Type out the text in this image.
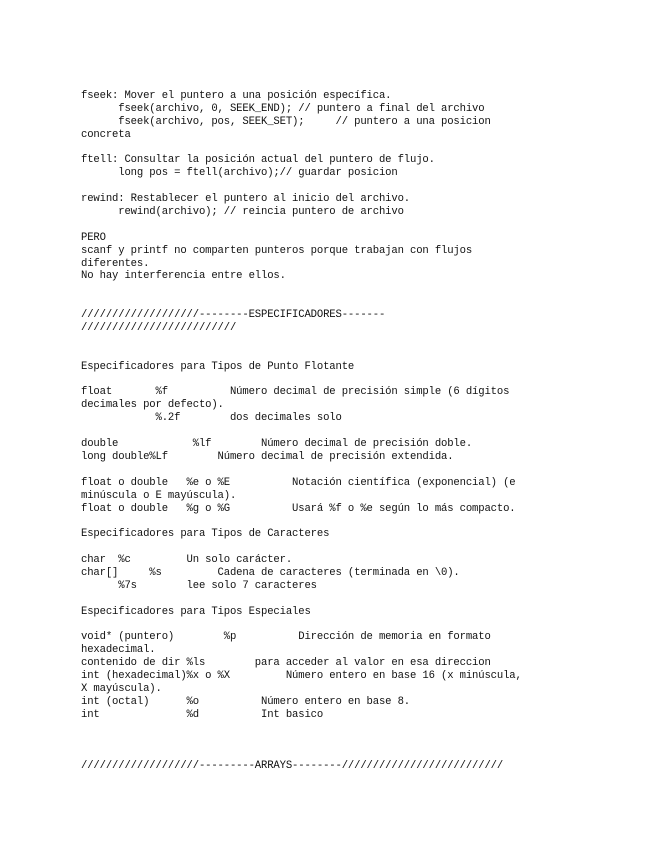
fseek: Mover el puntero a una posición específica.
fseek(archivo, 0, SEEK_END); // puntero a final del archivo
fseek(archivo, pos, SEEK_SET);     // puntero a una posicion
concreta
ftell: Consultar la posición actual del puntero de flujo.
long pos = ftell(archivo);// guardar posicion
rewind: Restablecer el puntero al inicio del archivo.
rewind(archivo); // reincia puntero de archivo
PERO
scanf y printf no comparten punteros porque trabajan con flujos
diferentes.
No hay interferencia entre ellos.
///////////////////--------ESPECIFICADORES-------
/////////////////////////
Especificadores para Tipos de Punto Flotante
float       %f          Número decimal de precisión simple (6 dígitos
decimales por defecto).
%.2f        dos decimales solo
double            %lf        Número decimal de precisión doble.
long double%Lf        Número decimal de precisión extendida.
float o double   %e o %E          Notación científica (exponencial) (e
minúscula o E mayúscula).
float o double   %g o %G          Usará %f o %e según lo más compacto.
Especificadores para Tipos de Caracteres
char  %c         Un solo carácter.
char[]     %s         Cadena de caracteres (terminada en \0).
%7s        lee solo 7 caracteres
Especificadores para Tipos Especiales
void* (puntero)        %p          Dirección de memoria en formato
hexadecimal.
contenido de dir %ls        para acceder al valor en esa direccion
int (hexadecimal)%x o %X         Número entero en base 16 (x minúscula,
X mayúscula).
int (octal)      %o          Número entero en base 8.
int              %d          Int basico
///////////////////---------ARRAYS--------//////////////////////////
